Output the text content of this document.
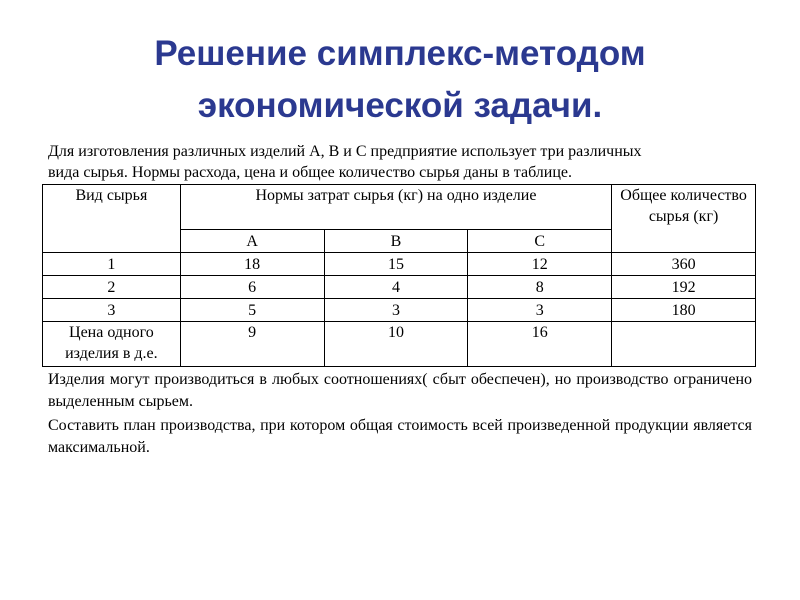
Решение симплекс-методом
экономической задачи.

Для изготовления различных изделий А, В и С предприятие использует три различных
вида сырья. Нормы расхода, цена и общее количество сырья даны в таблице.

Вид сырья	Нормы затрат сырья (кг) на одно изделие			Общее количество сырья (кг)
	А	В	С	
1	18	15	12	360
2	6	4	8	192
3	5	3	3	180
Цена одного изделия в д.е.	9	10	16	

Изделия могут производиться в любых соотношениях( сбыт обеспечен), но производство ограничено выделенным сырьем.

Составить план производства, при котором общая стоимость всей произведенной продукции является максимальной.
